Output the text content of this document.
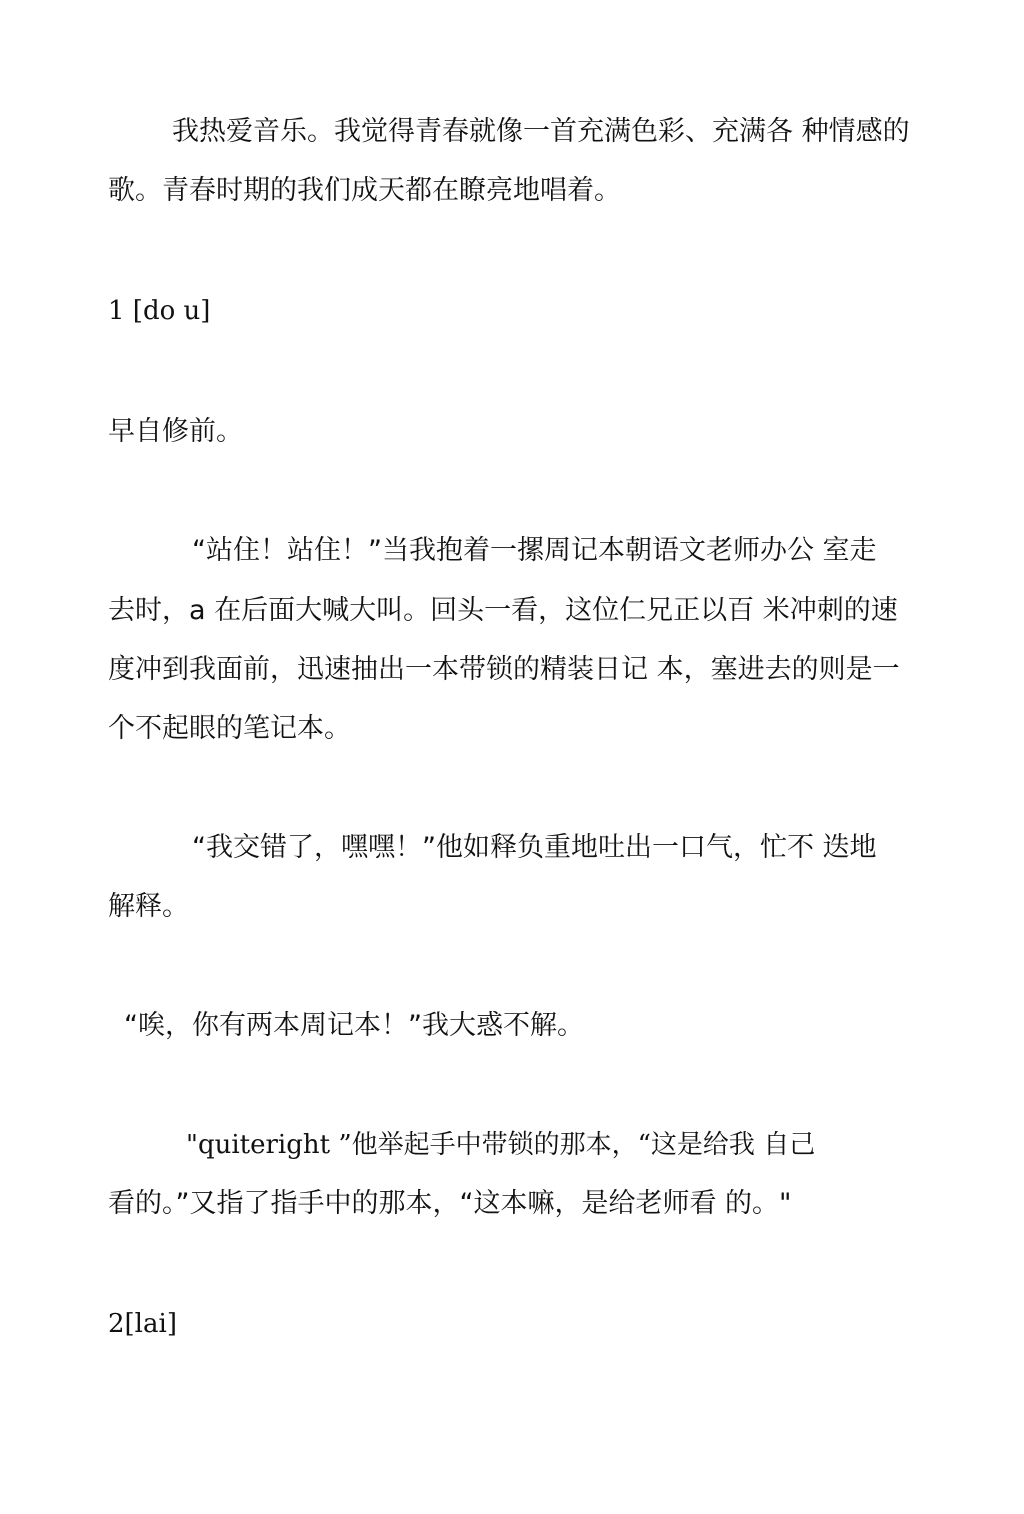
我热爱音乐。我觉得青春就像一首充满色彩、充满各 种情感的
歌。青春时期的我们成天都在瞭亮地唱着。
1 [do u]
早自修前。
“站住！站住！”当我抱着一摞周记本朝语文老师办公 室走
去时，a 在后面大喊大叫。回头一看，这位仁兄正以百 米冲刺的速
度冲到我面前，迅速抽出一本带锁的精装日记 本，塞进去的则是一
个不起眼的笔记本。
“我交错了，嘿嘿！”他如释负重地吐出一口气，忙不 迭地
解释。
“唉，你有两本周记本！”我大惑不解。
"quiteright ”他举起手中带锁的那本，“这是给我 自己
看的。”又指了指手中的那本，“这本嘛，是给老师看 的。"
2[lai]
